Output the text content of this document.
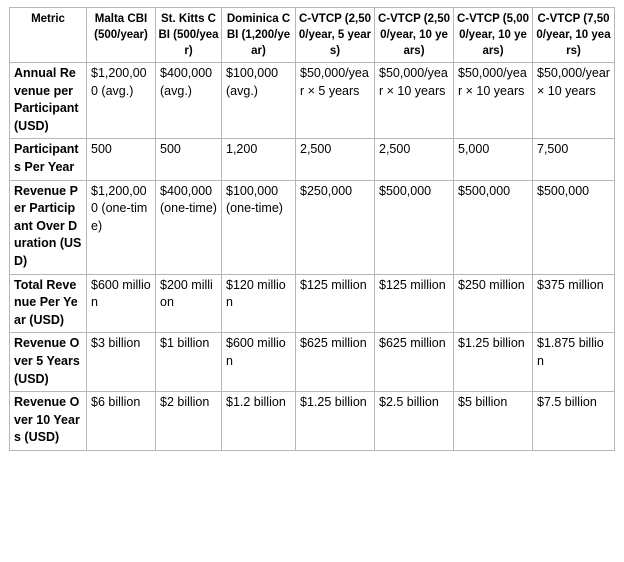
Metric	Malta CBI (500/year)	St. Kitts CBI (500/year)	Dominica CBI (1,200/year)	C-VTCP (2,500/year, 5 years)	C-VTCP (2,500/year, 10 years)	C-VTCP (5,000/year, 10 years)	C-VTCP (7,500/year, 10 years)
Annual Revenue per Participant (USD)	$1,200,000 (avg.)	$400,000 (avg.)	$100,000 (avg.)	$50,000/year × 5 years	$50,000/year × 10 years	$50,000/year × 10 years	$50,000/year × 10 years
Participants Per Year	500	500	1,200	2,500	2,500	5,000	7,500
Revenue Per Participant Over Duration (USD)	$1,200,000 (one-time)	$400,000 (one-time)	$100,000 (one-time)	$250,000	$500,000	$500,000	$500,000
Total Revenue Per Year (USD)	$600 million	$200 million	$120 million	$125 million	$125 million	$250 million	$375 million
Revenue Over 5 Years (USD)	$3 billion	$1 billion	$600 million	$625 million	$625 million	$1.25 billion	$1.875 billion
Revenue Over 10 Years (USD)	$6 billion	$2 billion	$1.2 billion	$1.25 billion	$2.5 billion	$5 billion	$7.5 billion
